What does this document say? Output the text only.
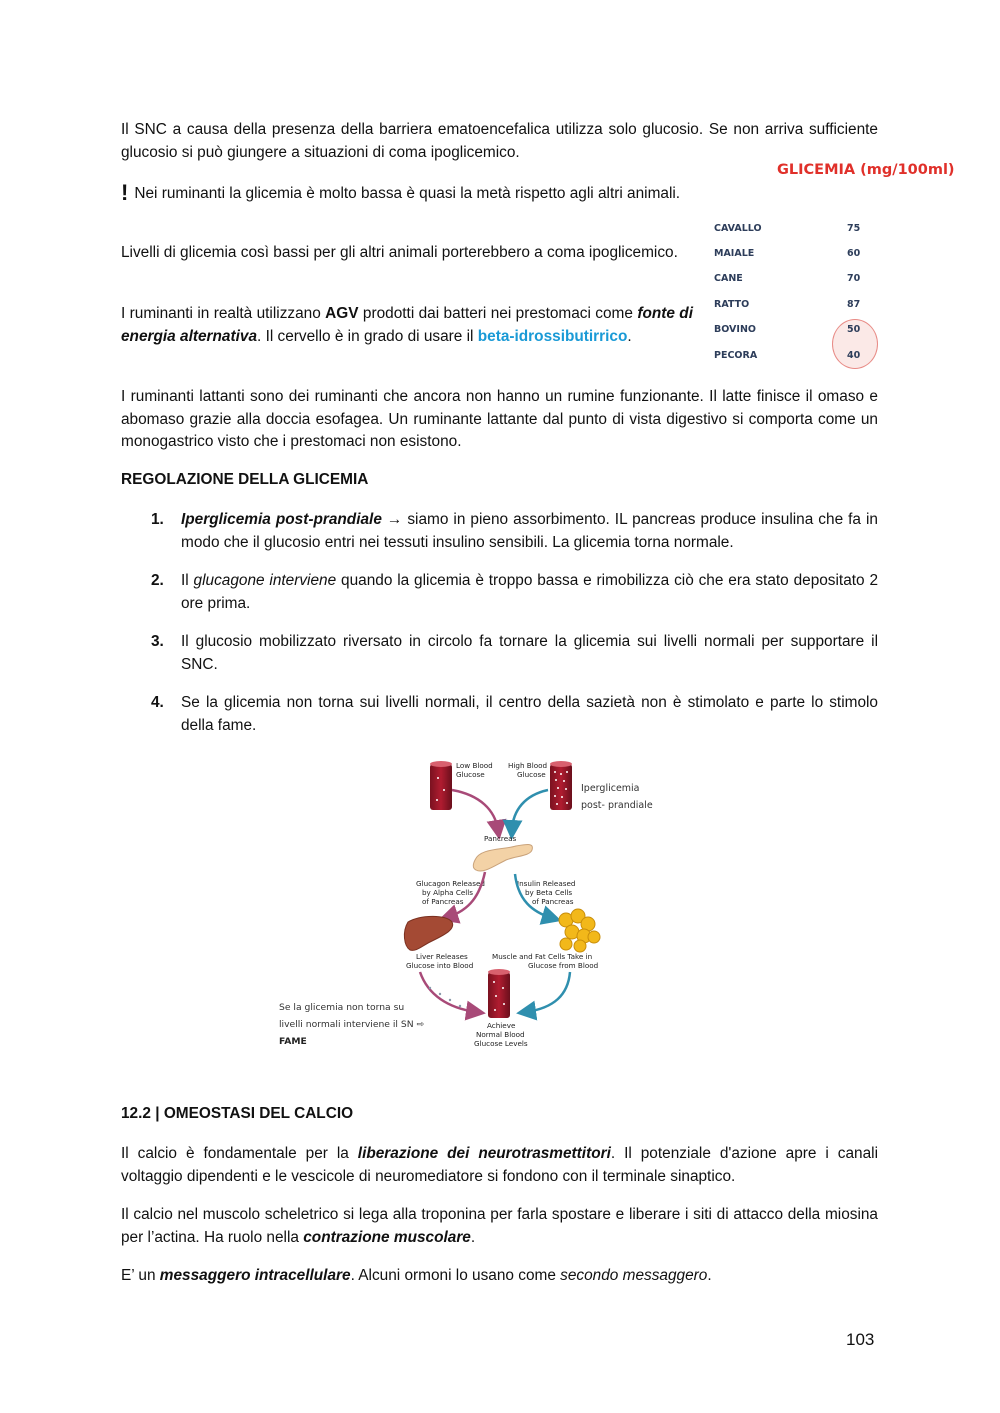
Il SNC a causa della presenza della barriera ematoencefalica utilizza solo glucosio. Se non arriva sufficiente glucosio si può giungere a situazioni di coma ipoglicemico.

! Nei ruminanti la glicemia è molto bassa è quasi la metà rispetto agli altri animali.

Livelli di glicemia così bassi per gli altri animali porterebbero a coma ipoglicemico.

I ruminanti in realtà utilizzano AGV prodotti dai batteri nei prestomaci come fonte di energia alternativa. Il cervello è in grado di usare il beta-idrossibutirrico.

GLICEMIA (mg/100ml)
CAVALLO	75
MAIALE	60
CANE	70
RATTO	87
BOVINO	50
PECORA	40

I ruminanti lattanti sono dei ruminanti che ancora non hanno un rumine funzionante. Il latte finisce il omaso e abomaso grazie alla doccia esofagea. Un ruminante lattante dal punto di vista digestivo si comporta come un monogastrico visto che i prestomaci non esistono.

REGOLAZIONE DELLA GLICEMIA

1. Iperglicemia post-prandiale → siamo in pieno assorbimento. IL pancreas produce insulina che fa in modo che il glucosio entri nei tessuti insulino sensibili. La glicemia torna normale.
2. Il glucagone interviene quando la glicemia è troppo bassa e rimobilizza ciò che era stato depositato 2 ore prima.
3. Il glucosio mobilizzato riversato in circolo fa tornare la glicemia sui livelli normali per supportare il SNC.
4. Se la glicemia non torna sui livelli normali, il centro della sazietà non è stimolato e parte lo stimolo della fame.
Low Blood
Glucose
High Blood
Glucose
Iperglicemia
post- prandiale
Pancreas
Glucagon Released
by Alpha Cells
of Pancreas
Insulin Released
by Beta Cells
of Pancreas
Liver Releases
Glucose into Blood
Muscle and Fat Cells Take in
Glucose from Blood
Achieve
Normal Blood
Glucose Levels
Se la glicemia non torna su
livelli normali interviene il SN ⇨
FAME

12.2 | OMEOSTASI DEL CALCIO

Il calcio è fondamentale per la liberazione dei neurotrasmettitori. Il potenziale d'azione apre i canali voltaggio dipendenti e le vescicole di neuromediatore si fondono con il terminale sinaptico.

Il calcio nel muscolo scheletrico si lega alla troponina per farla spostare e liberare i siti di attacco della miosina per l’actina. Ha ruolo nella contrazione muscolare.

E’ un messaggero intracellulare. Alcuni ormoni lo usano come secondo messaggero.

103
